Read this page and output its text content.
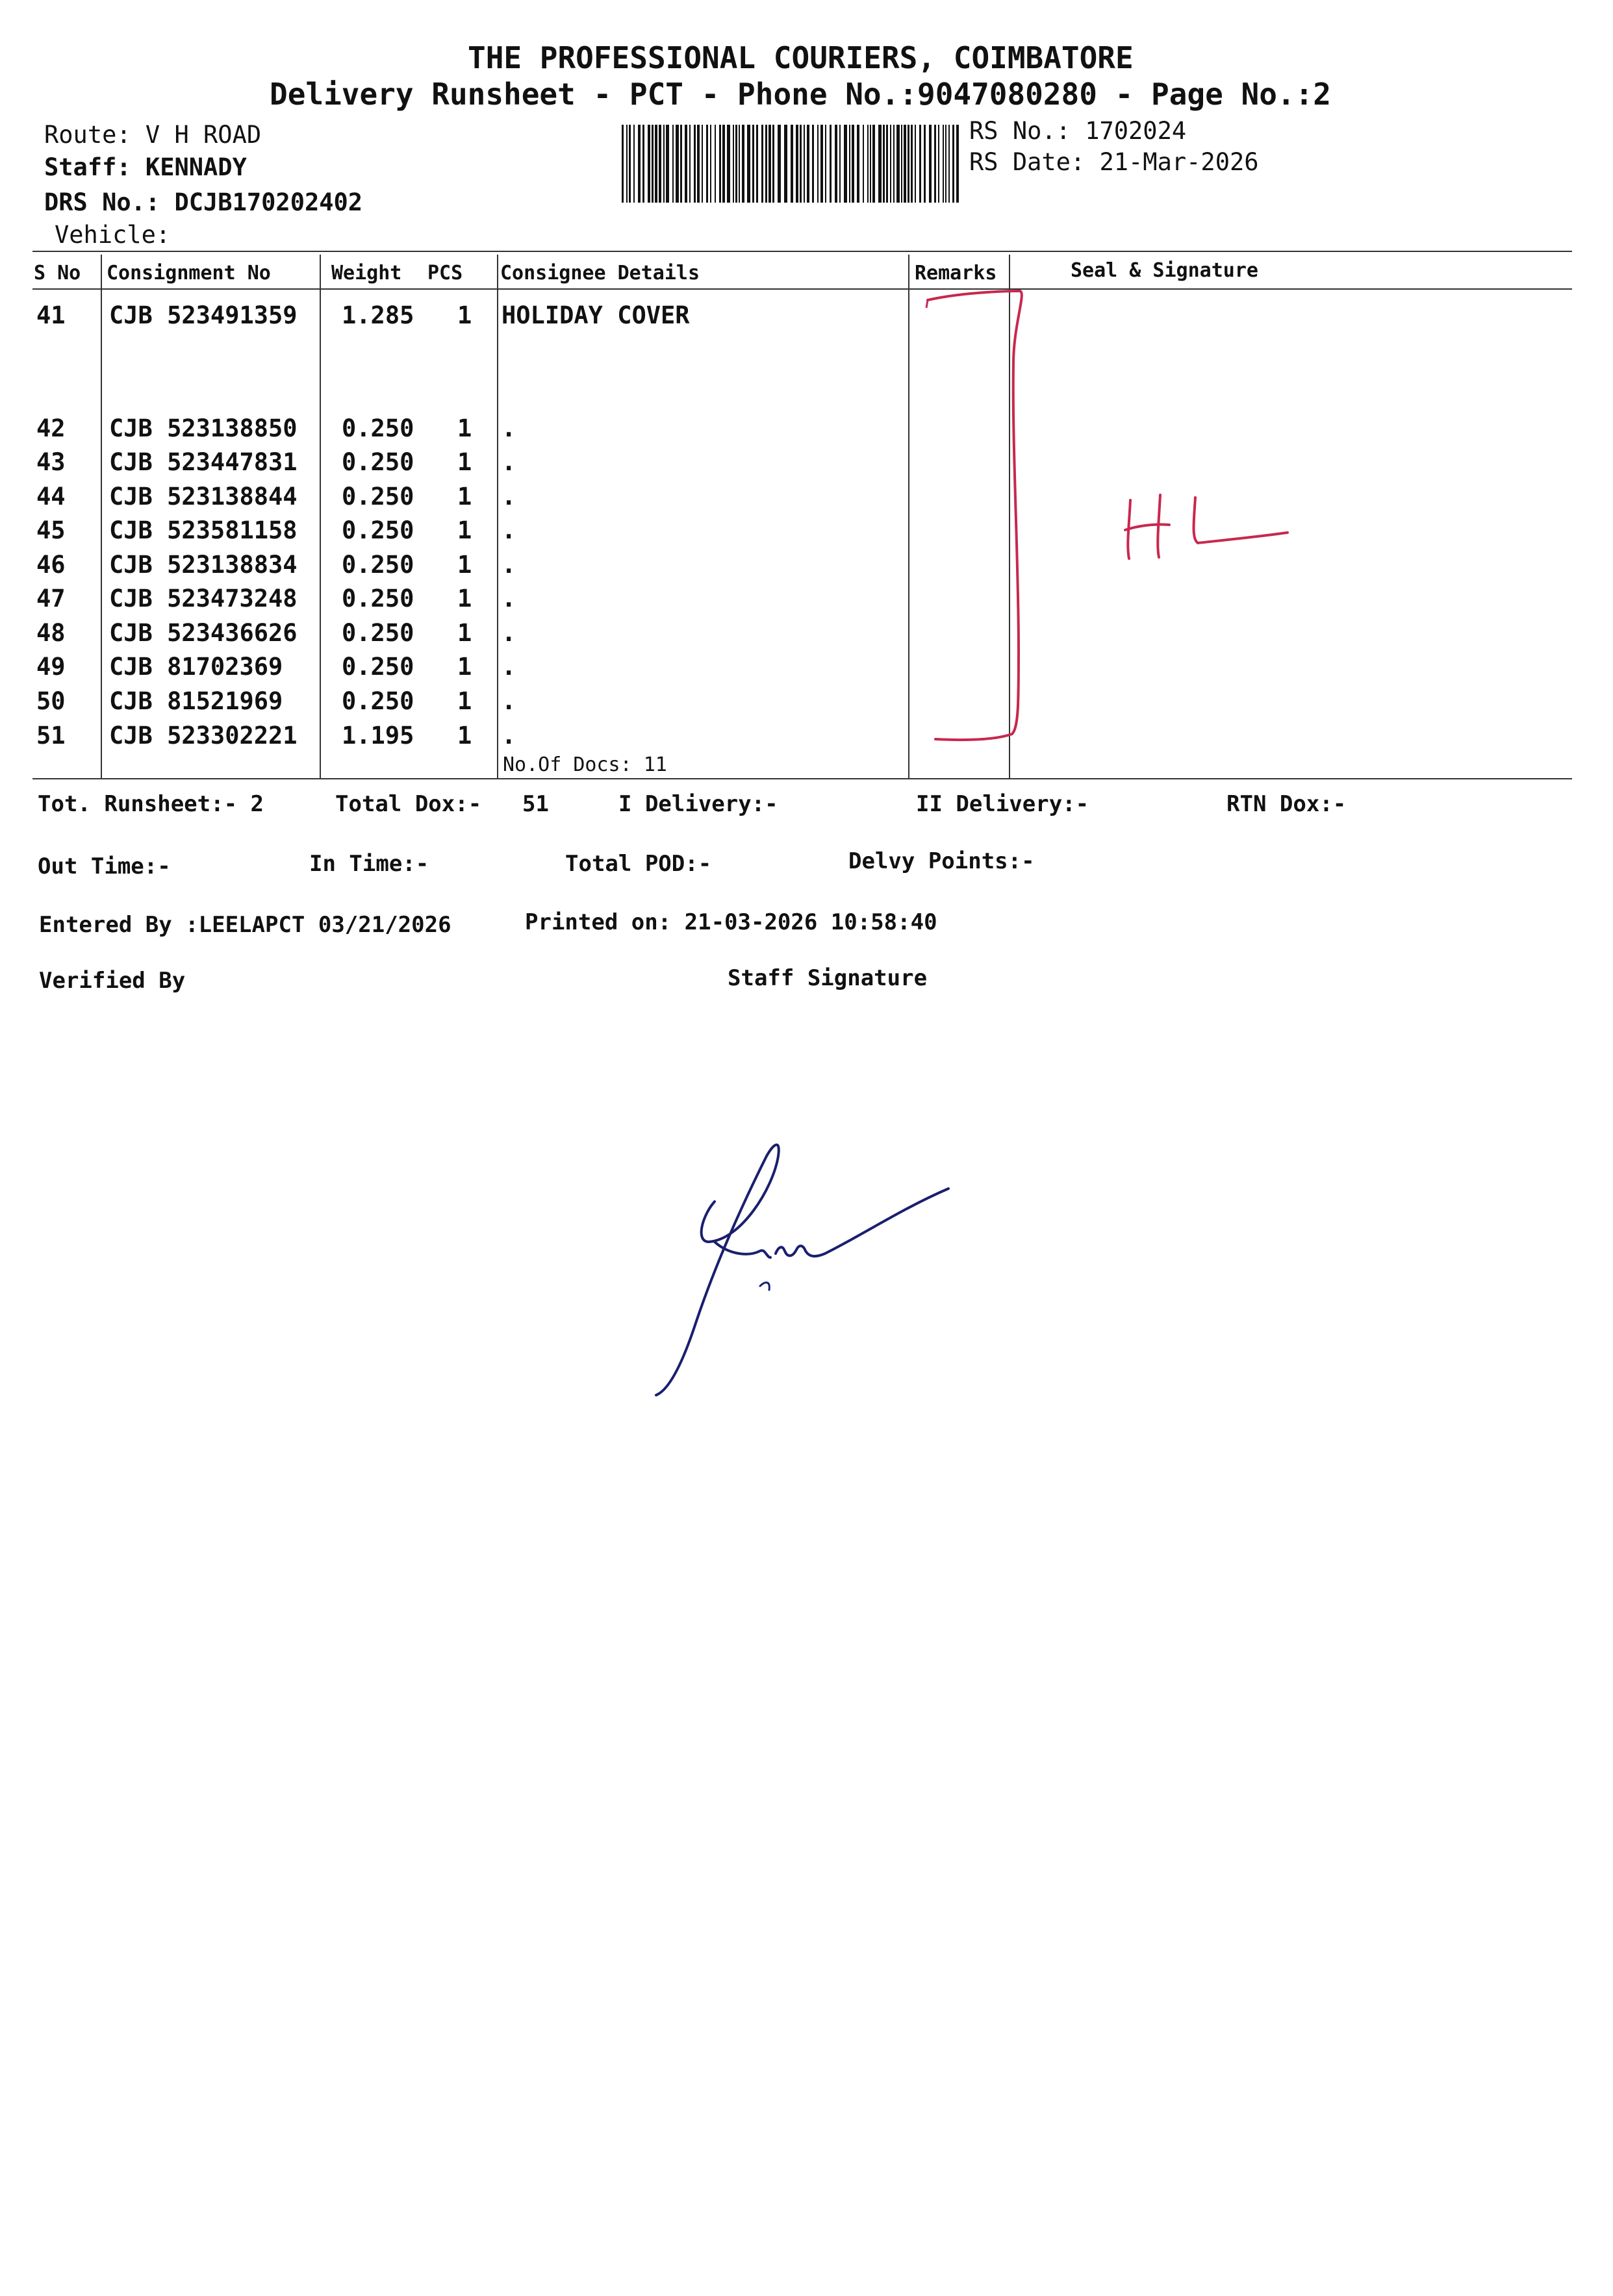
THE PROFESSIONAL COURIERS, COIMBATORE
Delivery Runsheet - PCT - Phone No.:9047080280 - Page No.:2
Route: V H ROAD
Staff: KENNADY
DRS No.: DCJB170202402
Vehicle:
RS No.: 1702024
RS Date: 21-Mar-2026
S No Consignment No	Weight PCS Consignee Details	Remarks	Seal & Signature
41 CJB 523491359 1.285 1 HOLIDAY COVER
42 CJB 523138850 0.250 1 .
43 CJB 523447831 0.250 1 .
44 CJB 523138844 0.250 1 .
45 CJB 523581158 0.250 1 .
46 CJB 523138834 0.250 1 .
47 CJB 523473248 0.250 1 .
48 CJB 523436626 0.250 1 .
49 CJB 81702369 0.250 1 .
50 CJB 81521969 0.250 1 .
51 CJB 523302221 1.195 1 .
No.Of Docs: 11
Tot. Runsheet:- 2	Total Dox:- 51	I Delivery:-	II Delivery:-	RTN Dox:-
Out Time:-	In Time:-	Total POD:-	Delvy Points:-
Entered By :LEELAPCT 03/21/2026	Printed on: 21-03-2026 10:58:40
Verified By	Staff Signature
